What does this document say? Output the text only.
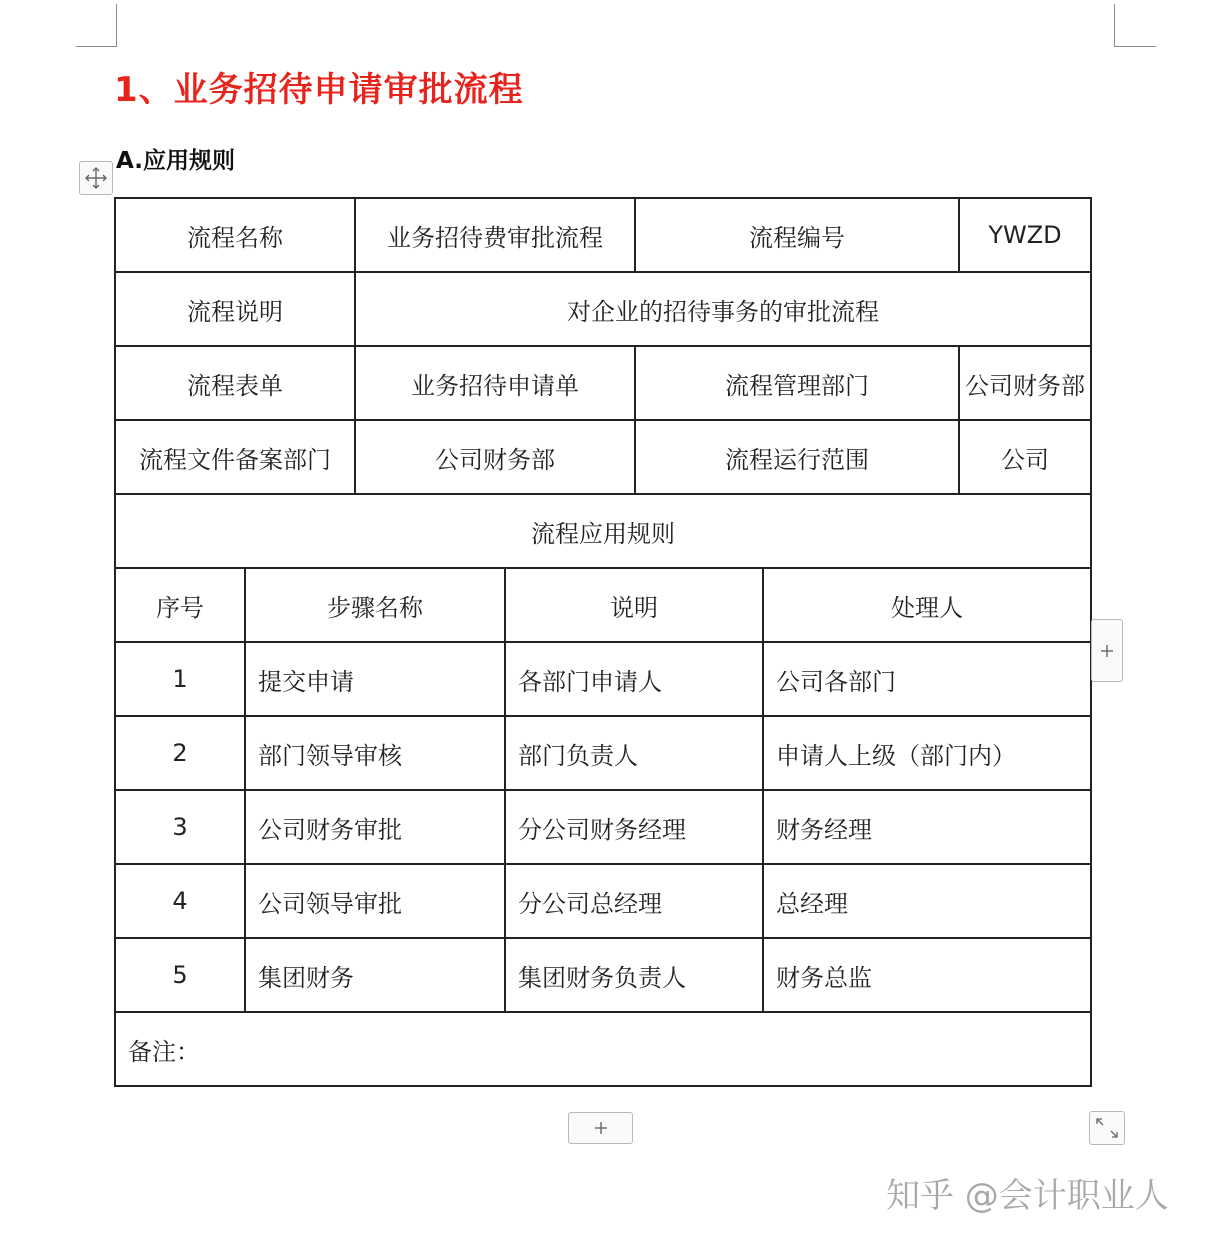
1、业务招待申请审批流程
A.应用规则
流程名称		业务招待费审批流程		流程编号		YWZD
流程说明		对企业的招待事务的审批流程				
流程表单		业务招待申请单		流程管理部门		公司财务部
流程文件备案部门		公司财务部		流程运行范围		公司
流程应用规则						
序号	步骤名称		说明		处理人	
1	提交申请		各部门申请人		公司各部门	
2	部门领导审核		部门负责人		申请人上级（部门内）	
3	公司财务审批		分公司财务经理		财务经理	
4	公司领导审批		分公司总经理		总经理	
5	集团财务		集团财务负责人		财务总监	
备注：						
知乎 @会计职业人
